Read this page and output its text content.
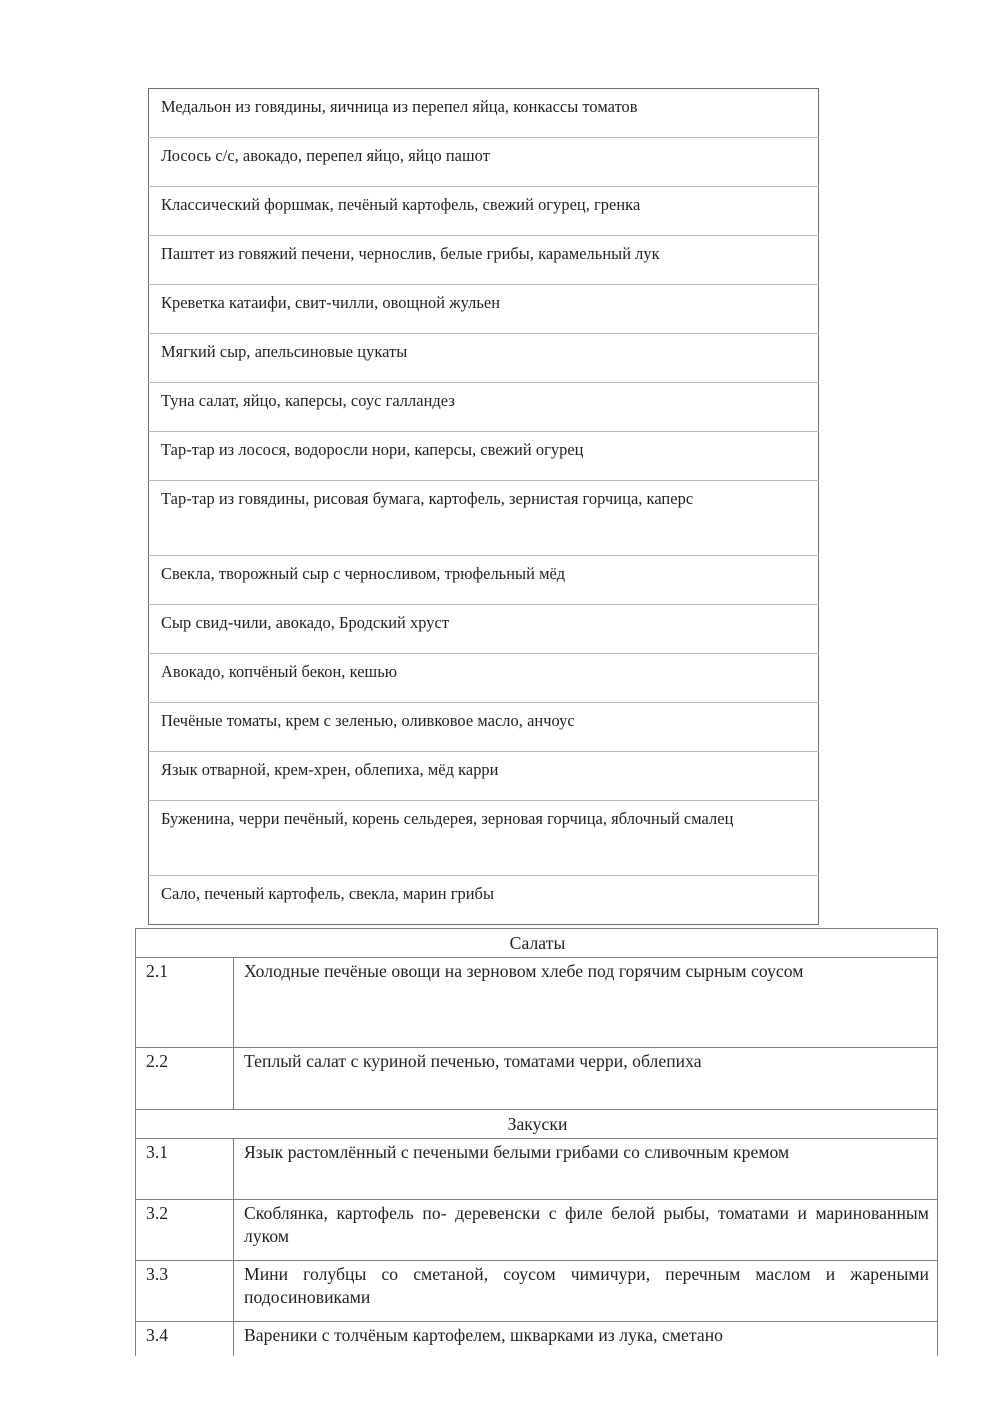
Медальон из говядины, яичница из перепел яйца, конкассы томатов
Лосось с/с, авокадо, перепел яйцо, яйцо пашот
Классический форшмак, печёный картофель, свежий огурец, гренка
Паштет из говяжий печени, чернослив, белые грибы, карамельный лук
Креветка катаифи, свит-чилли, овощной жульен
Мягкий сыр, апельсиновые цукаты
Туна салат, яйцо, каперсы, соус галландез
Тар-тар из лосося, водоросли нори, каперсы, свежий огурец
Тар-тар из говядины, рисовая бумага, картофель, зернистая горчица, каперс
Свекла, творожный сыр с черносливом, трюфельный мёд
Сыр свид-чили, авокадо, Бродский хруст
Авокадо, копчёный бекон, кешью
Печёные томаты, крем с зеленью, оливковое масло, анчоус
Язык отварной, крем-хрен, облепиха, мёд карри
Буженина, черри печёный, корень сельдерея, зерновая горчица, яблочный смалец
Сало, печеный картофель, свекла, марин грибы
Салаты	
2.1	Холодные печёные овощи на зерновом хлебе под горячим сырным соусом
2.2	Теплый салат с куриной печенью, томатами черри, облепиха
Закуски	
3.1	Язык растомлённый с печеными белыми грибами со сливочным кремом
3.2	Скоблянка, картофель по- деревенски с филе белой рыбы, томатами и маринованным луком
3.3	Мини голубцы со сметаной, соусом чимичури, перечным маслом и жареными подосиновиками
3.4	Вареники с толчёным картофелем, шкварками из лука, сметано
